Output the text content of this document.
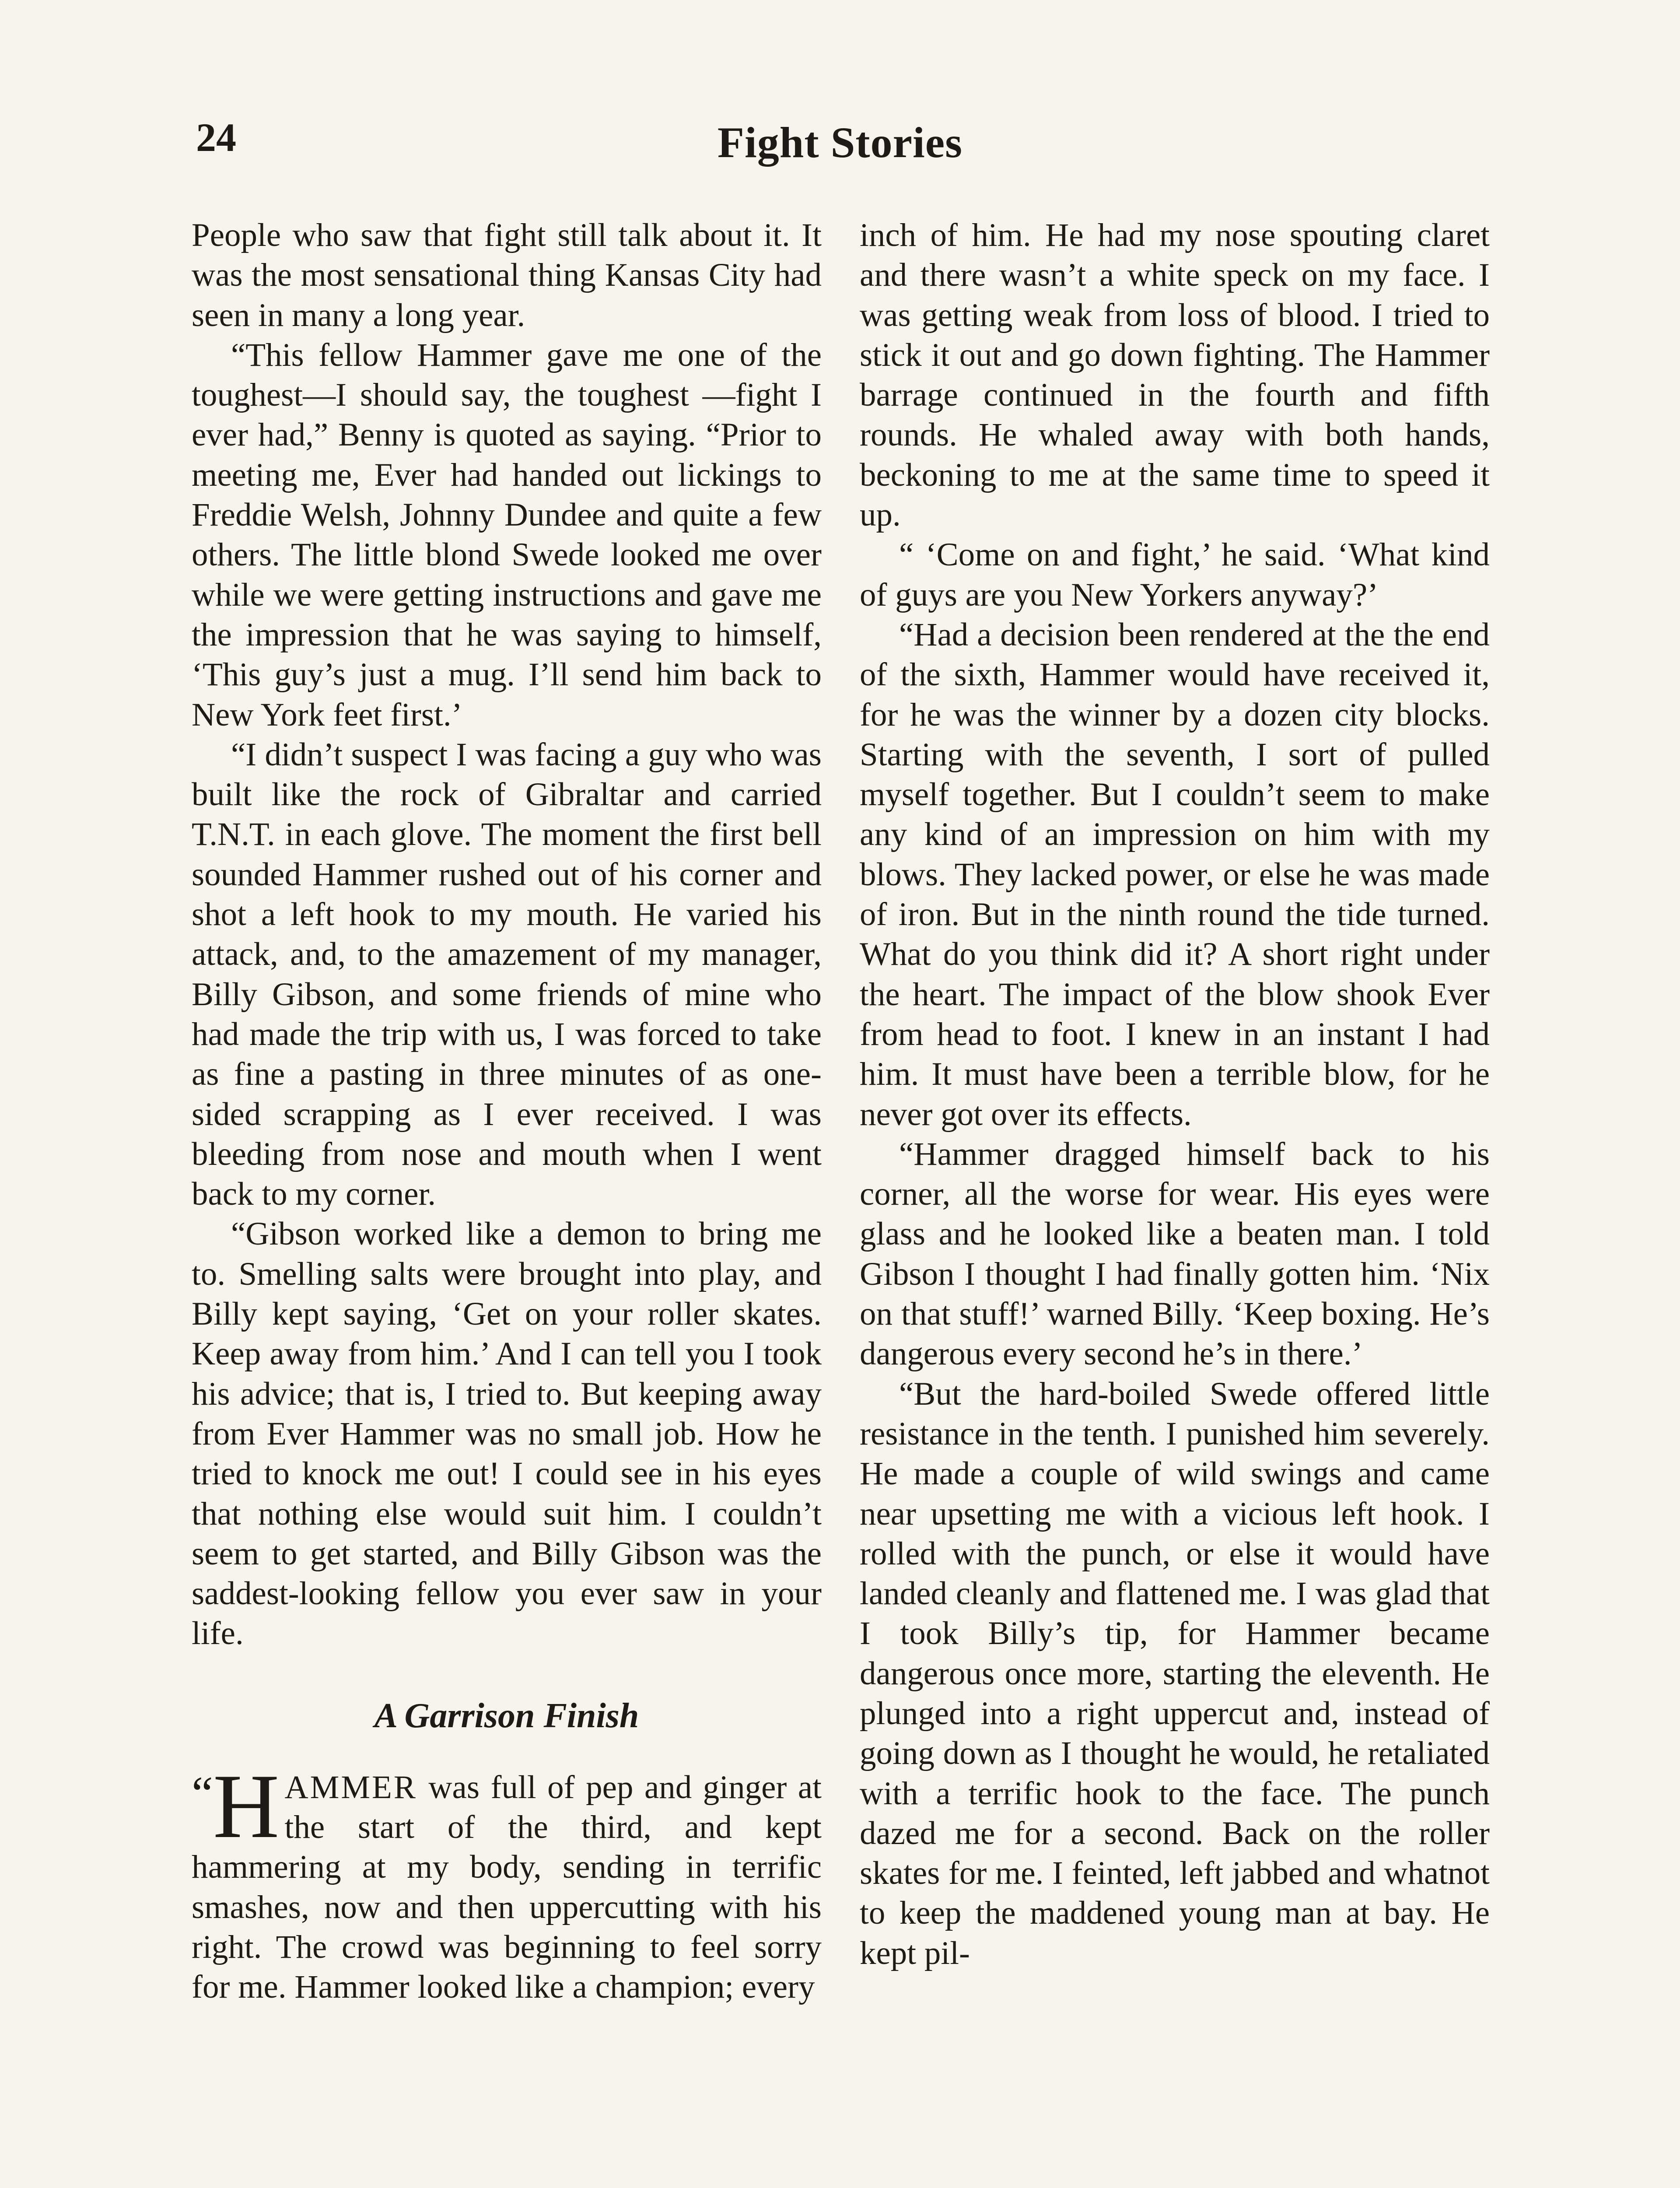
24	Fight Stories

People who saw that fight still talk about it. It was the most sensational thing Kansas City had seen in many a long year.

“This fellow Hammer gave me one of the toughest—I should say, the toughest —fight I ever had,” Benny is quoted as saying. “Prior to meeting me, Ever had handed out lickings to Freddie Welsh, Johnny Dundee and quite a few others. The little blond Swede looked me over while we were getting instructions and gave me the impression that he was saying to himself, ‘This guy’s just a mug. I’ll send him back to New York feet first.’

“I didn’t suspect I was facing a guy who was built like the rock of Gibraltar and carried T.N.T. in each glove. The moment the first bell sounded Hammer rushed out of his corner and shot a left hook to my mouth. He varied his attack, and, to the amazement of my manager, Billy Gibson, and some friends of mine who had made the trip with us, I was forced to take as fine a pasting in three minutes of as one-sided scrapping as I ever received. I was bleeding from nose and mouth when I went back to my corner.

“Gibson worked like a demon to bring me to. Smelling salts were brought into play, and Billy kept saying, ‘Get on your roller skates. Keep away from him.’ And I can tell you I took his advice; that is, I tried to. But keeping away from Ever Hammer was no small job. How he tried to knock me out! I could see in his eyes that nothing else would suit him. I couldn’t seem to get started, and Billy Gibson was the saddest-looking fellow you ever saw in your life.

A Garrison Finish

“H AMMER was full of pep and ginger at the start of the third, and kept hammering at my body, sending in terrific smashes, now and then uppercutting with his right. The crowd was beginning to feel sorry for me. Hammer looked like a champion; every

inch of him. He had my nose spouting claret and there wasn’t a white speck on my face. I was getting weak from loss of blood. I tried to stick it out and go down fighting. The Hammer barrage continued in the fourth and fifth rounds. He whaled away with both hands, beckoning to me at the same time to speed it up.

“ ‘Come on and fight,’ he said. ‘What kind of guys are you New Yorkers anyway?’

“Had a decision been rendered at the the end of the sixth, Hammer would have received it, for he was the winner by a dozen city blocks. Starting with the seventh, I sort of pulled myself together. But I couldn’t seem to make any kind of an impression on him with my blows. They lacked power, or else he was made of iron. But in the ninth round the tide turned. What do you think did it? A short right under the heart. The impact of the blow shook Ever from head to foot. I knew in an instant I had him. It must have been a terrible blow, for he never got over its effects.

“Hammer dragged himself back to his corner, all the worse for wear. His eyes were glass and he looked like a beaten man. I told Gibson I thought I had finally gotten him. ‘Nix on that stuff!’ warned Billy. ‘Keep boxing. He’s dangerous every second he’s in there.’

“But the hard-boiled Swede offered little resistance in the tenth. I punished him severely. He made a couple of wild swings and came near upsetting me with a vicious left hook. I rolled with the punch, or else it would have landed cleanly and flattened me. I was glad that I took Billy’s tip, for Hammer became dangerous once more, starting the eleventh. He plunged into a right uppercut and, instead of going down as I thought he would, he retaliated with a terrific hook to the face. The punch dazed me for a second. Back on the roller skates for me. I feinted, left jabbed and whatnot to keep the maddened young man at bay. He kept pil-
